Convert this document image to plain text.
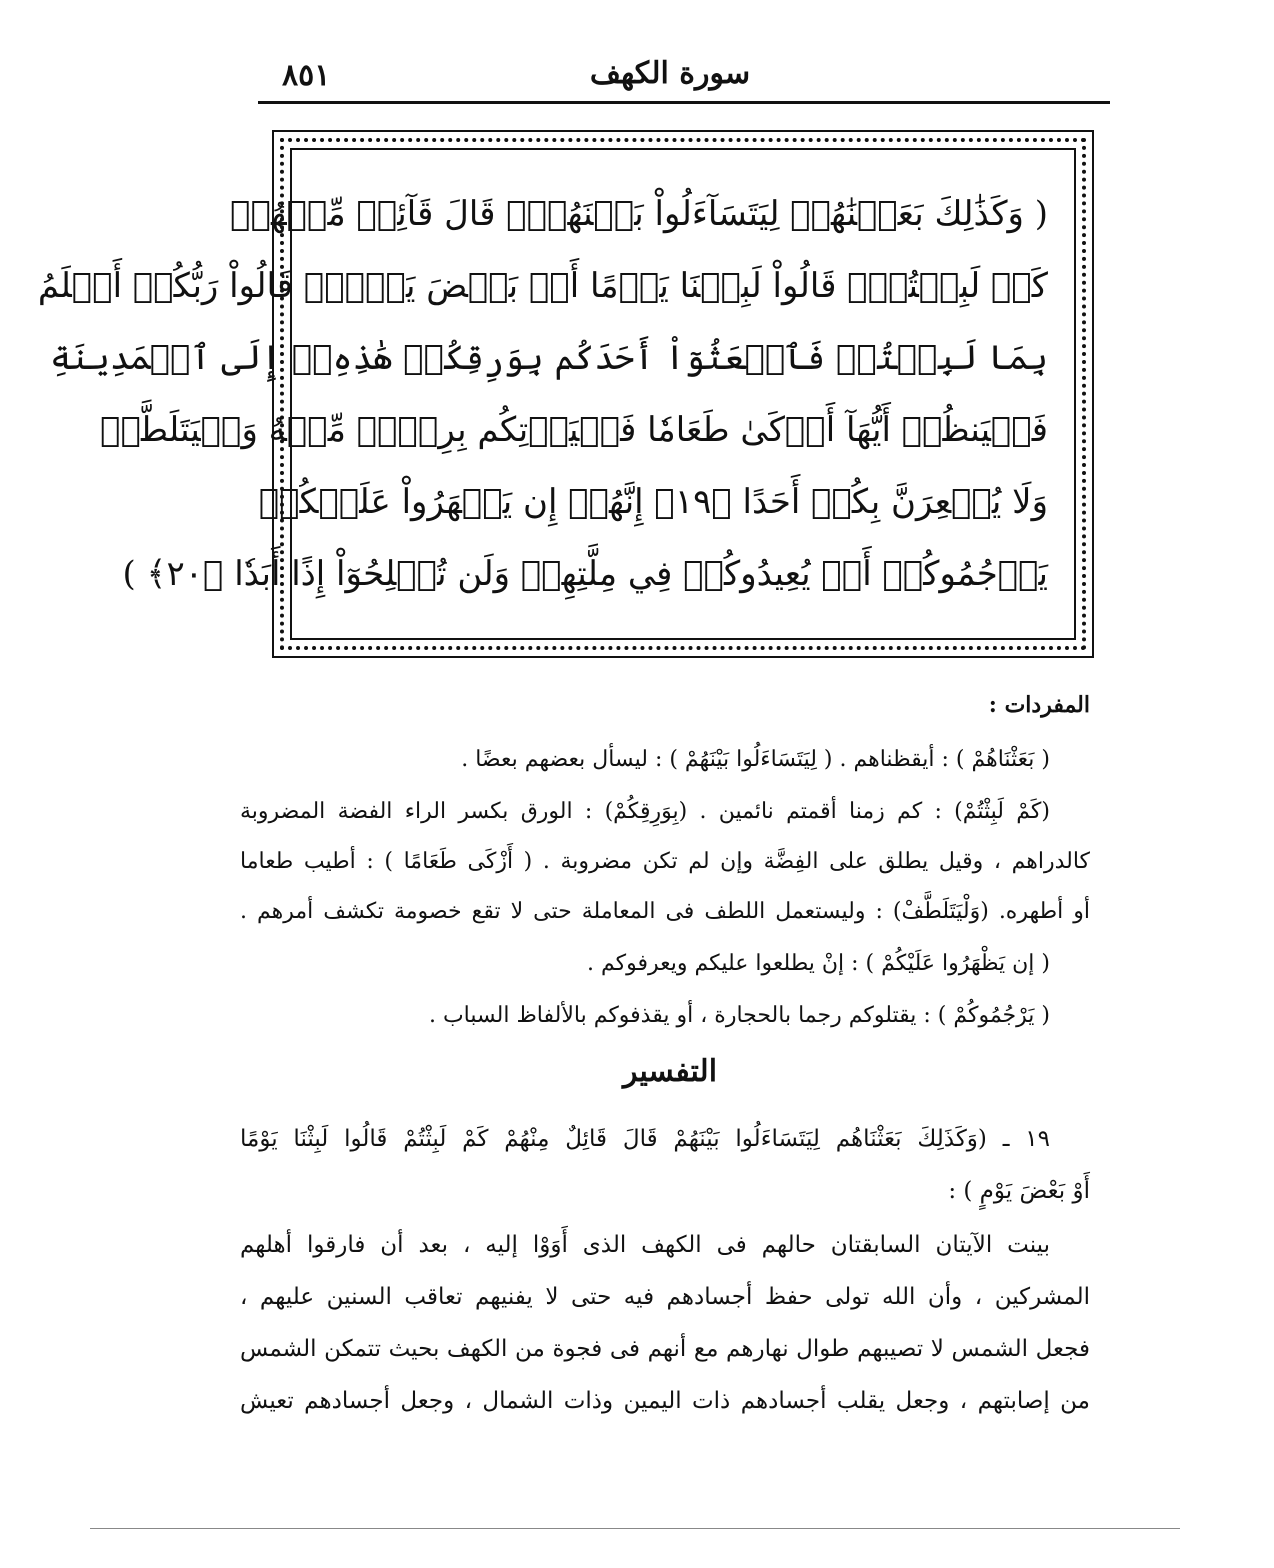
٨٥١	سورة الكهف
( وَكَذَٰلِكَ بَعَثۡنَٰهُمۡ لِيَتَسَآءَلُواْ بَيۡنَهُمۡۚ قَالَ قَآئِلٞ مِّنۡهُمۡ
كَمۡ لَبِثۡتُمۡۖ قَالُواْ لَبِثۡنَا يَوۡمًا أَوۡ بَعۡضَ يَوۡمٖۚ قَالُواْ رَبُّكُمۡ أَعۡلَمُ
بِمَا لَبِثۡتُمۡ فَٱبۡعَثُوٓاْ أَحَدَكُم بِوَرِقِكُمۡ هَٰذِهِۦٓ إِلَى ٱلۡمَدِينَةِ
فَلۡيَنظُرۡ أَيُّهَآ أَزۡكَىٰ طَعَامٗا فَلۡيَأۡتِكُم بِرِزۡقٖ مِّنۡهُ وَلۡيَتَلَطَّفۡ
وَلَا يُشۡعِرَنَّ بِكُمۡ أَحَدًا ﴿١٩﴾ إِنَّهُمۡ إِن يَظۡهَرُواْ عَلَيۡكُمۡ
يَرۡجُمُوكُمۡ أَوۡ يُعِيدُوكُمۡ فِي مِلَّتِهِمۡ وَلَن تُفۡلِحُوٓاْ إِذًا أَبَدٗا ﴿٢٠﴾ )
المفردات :
( بَعَثْنَاهُمْ ) : أيقظناهم . ( لِيَتَسَاءَلُوا بَيْنَهُمْ ) : ليسأل بعضهم بعضًا .
(كَمْ لَبِثْتُمْ) : كم زمنا أقمتم نائمين . (بِوَرِقِكُمْ) : الورق بكسر الراء الفضة المضروبة
كالدراهم ، وقيل يطلق على الفِضَّة وإن لم تكن مضروبة . ( أَزْكَى طَعَامًا ) : أطيب طعاما
أو أطهره. (وَلْيَتَلَطَّفْ) : وليستعمل اللطف فى المعاملة حتى لا تقع خصومة تكشف أمرهم .
( إن يَظْهَرُوا عَلَيْكُمْ ) : إنْ يطلعوا عليكم ويعرفوكم .
( يَرْجُمُوكُمْ ) : يقتلوكم رجما بالحجارة ، أو يقذفوكم بالألفاظ السباب .
التفسير
١٩ ـ (وَكَذَلِكَ بَعَثْنَاهُم لِيَتَسَاءَلُوا بَيْنَهُمْ قَالَ قَائِلٌ مِنْهُمْ كَمْ لَبِثْتُمْ قَالُوا لَبِثْنَا يَوْمًا
أَوْ بَعْضَ يَوْمٍ ) :
بينت الآيتان السابقتان حالهم فى الكهف الذى أَوَوْا إليه ، بعد أن فارقوا أهلهم
المشركين ، وأن الله تولى حفظ أجسادهم فيه حتى لا يفنيهم تعاقب السنين عليهم ،
فجعل الشمس لا تصيبهم طوال نهارهم مع أنهم فى فجوة من الكهف بحيث تتمكن الشمس
من إصابتهم ، وجعل يقلب أجسادهم ذات اليمين وذات الشمال ، وجعل أجسادهم تعيش
